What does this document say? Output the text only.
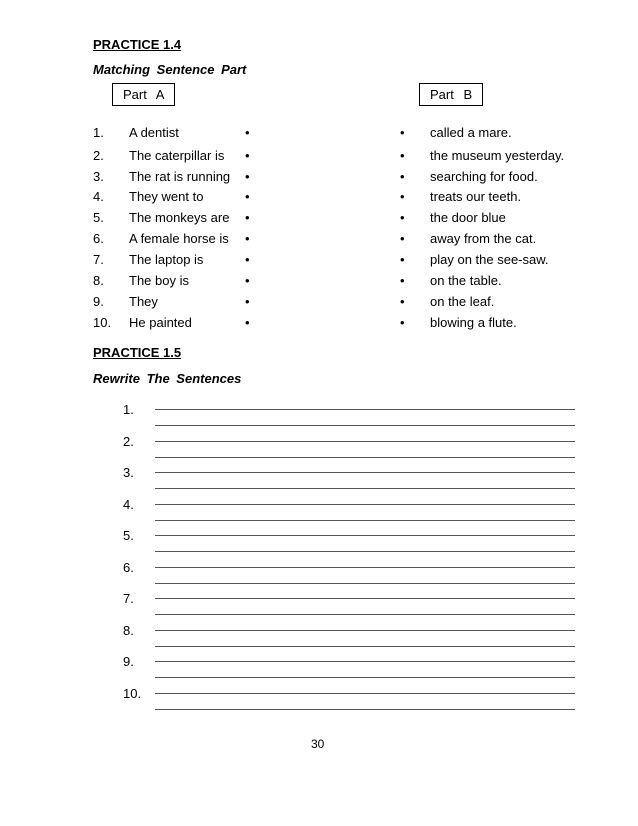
PRACTICE 1.4
Matching Sentence Part
Part A	Part B
1. A dentist	•	• called a mare.
2. The caterpillar is •	• the museum yesterday.
3. The rat is running •	• searching for food.
4. They went to	•	• treats our teeth.
5. The monkeys are •	• the door blue
6. A female horse is •	• away from the cat.
7. The laptop is	•	• play on the see-saw.
8. The boy is	•	• on the table.
9. They	•	• on the leaf.
10. He painted	•	• blowing a flute.
PRACTICE 1.5
Rewrite The Sentences
1.
2.
3.
4.
5.
6.
7.
8.
9.
10.
30
